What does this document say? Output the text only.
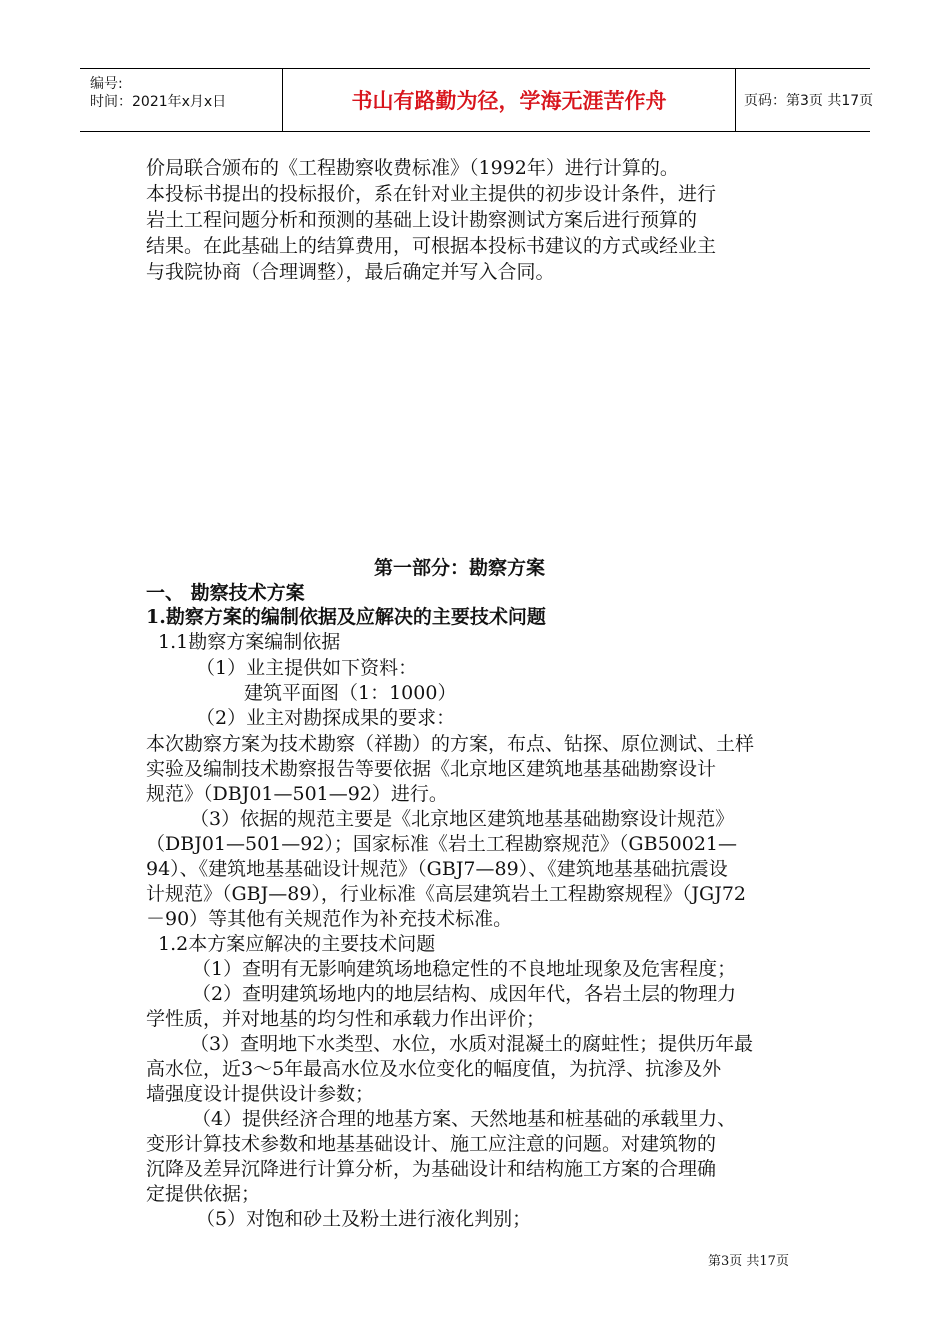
编号:
时间：2021年x月x日	书山有路勤为径，学海无涯苦作舟	页码：第3页 共17页
价局联合颁布的《工程勘察收费标准》（1992年）进行计算的。
本投标书提出的投标报价，系在针对业主提供的初步设计条件，进行
岩土工程问题分析和预测的基础上设计勘察测试方案后进行预算的
结果。在此基础上的结算费用，可根据本投标书建议的方式或经业主
与我院协商（合理调整），最后确定并写入合同。
第一部分：勘察方案
一、 勘察技术方案
1.勘察方案的编制依据及应解决的主要技术问题
1.1勘察方案编制依据
（1）业主提供如下资料：
建筑平面图（1：1000）
（2）业主对勘探成果的要求：
本次勘察方案为技术勘察（祥勘）的方案，布点、钻探、原位测试、土样
实验及编制技术勘察报告等要依据《北京地区建筑地基基础勘察设计
规范》（DBJ01—501—92）进行。
（3）依据的规范主要是《北京地区建筑地基基础勘察设计规范》
（DBJ01—501—92）；国家标准《岩土工程勘察规范》（GB50021—
94）、《建筑地基基础设计规范》（GBJ7—89）、《建筑地基基础抗震设
计规范》（GBJ—89），行业标准《高层建筑岩土工程勘察规程》（JGJ72
－90）等其他有关规范作为补充技术标准。
1.2本方案应解决的主要技术问题
（1）查明有无影响建筑场地稳定性的不良地址现象及危害程度；
（2）查明建筑场地内的地层结构、成因年代，各岩土层的物理力
学性质，并对地基的均匀性和承载力作出评价；
（3）查明地下水类型、水位，水质对混凝土的腐蛀性；提供历年最
高水位，近3～5年最高水位及水位变化的幅度值，为抗浮、抗渗及外
墙强度设计提供设计参数；
（4）提供经济合理的地基方案、天然地基和桩基础的承载里力、
变形计算技术参数和地基基础设计、施工应注意的问题。对建筑物的
沉降及差异沉降进行计算分析，为基础设计和结构施工方案的合理确
定提供依据；
（5）对饱和砂土及粉土进行液化判别；
第3页 共17页
